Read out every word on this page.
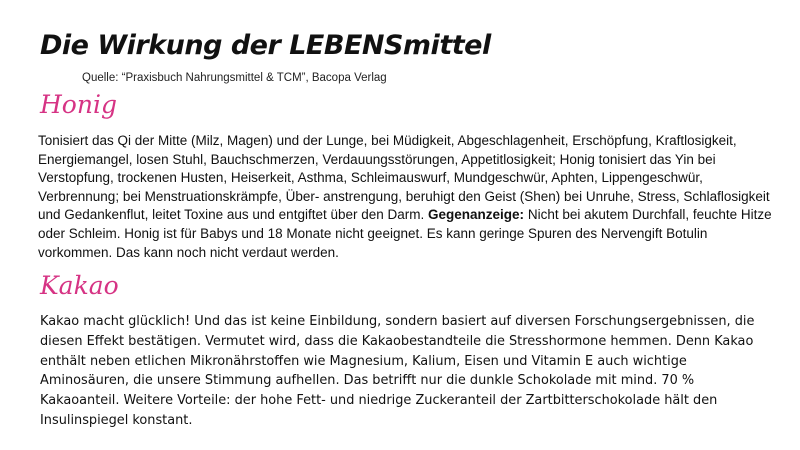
Die Wirkung der LEBENSmittel
Quelle: “Praxisbuch Nahrungsmittel & TCM”, Bacopa Verlag
Honig
Tonisiert das Qi der Mitte (Milz, Magen) und der Lunge, bei Müdigkeit, Abgeschlagenheit, Erschöpfung, Kraftlosigkeit, Energiemangel, losen Stuhl, Bauchschmerzen, Verdauungsstörungen, Appetitlosigkeit; Honig tonisiert das Yin bei Verstopfung, trockenen Husten, Heiserkeit, Asthma, Schleimauswurf, Mundgeschwür, Aphten, Lippengeschwür, Verbrennung; bei Menstruationskrämpfe, Über- anstrengung, beruhigt den Geist (Shen) bei Unruhe, Stress, Schlaflosigkeit und Gedankenflut, leitet Toxine aus und entgiftet über den Darm. Gegenanzeige: Nicht bei akutem Durchfall, feuchte Hitze oder Schleim. Honig ist für Babys und 18 Monate nicht geeignet. Es kann geringe Spuren des Nervengift Botulin vorkommen. Das kann noch nicht verdaut werden.
Kakao
Kakao macht glücklich! Und das ist keine Einbildung, sondern basiert auf diversen Forschungsergebnissen, die diesen Effekt bestätigen. Vermutet wird, dass die Kakaobestandteile die Stresshormone hemmen. Denn Kakao enthält neben etlichen Mikronährstoffen wie Magnesium, Kalium, Eisen und Vitamin E auch wichtige Aminosäuren, die unsere Stimmung aufhellen. Das betrifft nur die dunkle Schokolade mit mind. 70 % Kakaoanteil. Weitere Vorteile: der hohe Fett- und niedrige Zuckeranteil der Zartbitterschokolade hält den Insulinspiegel konstant.
